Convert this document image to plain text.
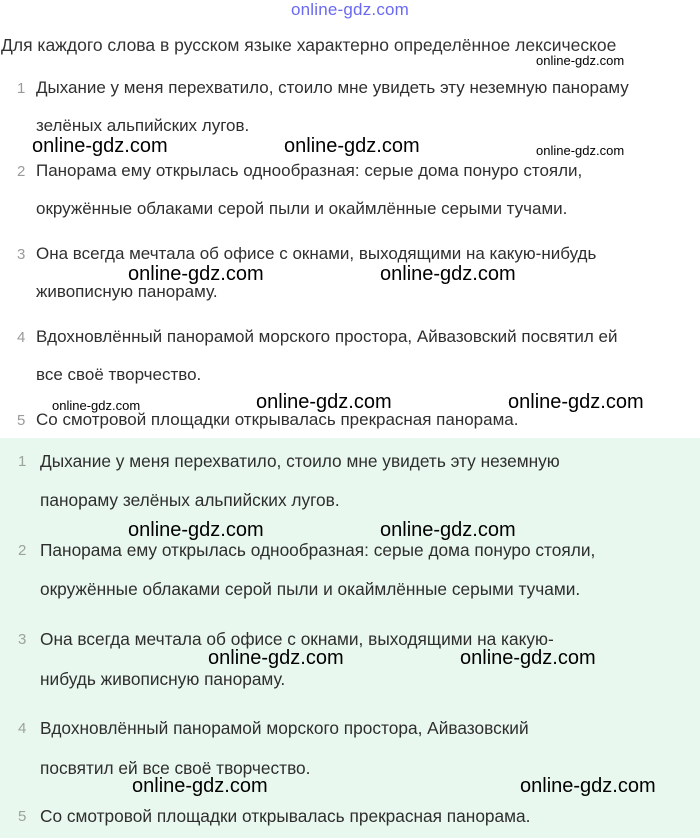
online-gdz.com
Для каждого слова в русском языке характерно определённое лексическое
1 Дыхание у меня перехватило, стоило мне увидеть эту неземную панораму
зелёных альпийских лугов.
2 Панорама ему открылась однообразная: серые дома понуро стояли,
окружённые облаками серой пыли и окаймлённые серыми тучами.
3 Она всегда мечтала об офисе с окнами, выходящими на какую-нибудь
живописную панораму.
4 Вдохновлённый панорамой морского простора, Айвазовский посвятил ей
все своё творчество.
5 Со смотровой площадки открывалась прекрасная панорама.
1 Дыхание у меня перехватило, стоило мне увидеть эту неземную
панораму зелёных альпийских лугов.
2 Панорама ему открылась однообразная: серые дома понуро стояли,
окружённые облаками серой пыли и окаймлённые серыми тучами.
3 Она всегда мечтала об офисе с окнами, выходящими на какую-
нибудь живописную панораму.
4 Вдохновлённый панорамой морского простора, Айвазовский
посвятил ей все своё творчество.
5 Со смотровой площадки открывалась прекрасная панорама.
online-gdz.com
online-gdz.com	online-gdz.com	online-gdz.com
online-gdz.com	online-gdz.com
online-gdz.com	online-gdz.com	online-gdz.com
online-gdz.com	online-gdz.com
online-gdz.com	online-gdz.com
online-gdz.com	online-gdz.com
